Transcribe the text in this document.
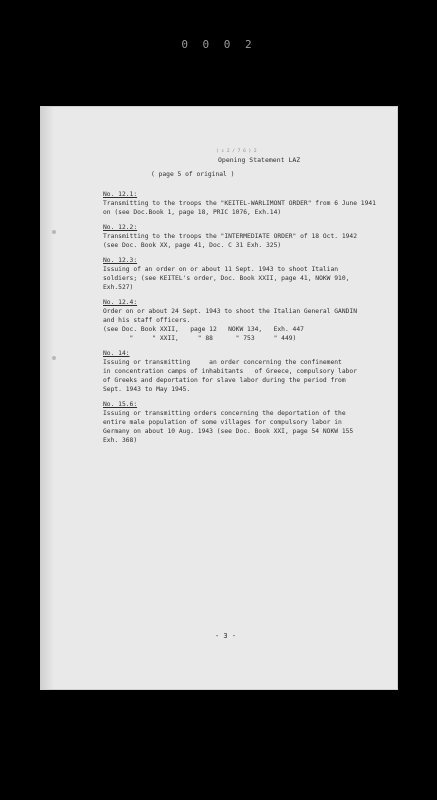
0 0 0 2
( c 2 / 7 6 ) 2
Opening Statement LAZ
( page 5 of original )
No. 12.1:
Transmitting to the troops the "KEITEL-WARLIMONT ORDER" from 6 June 1941
on (see Doc.Book 1, page 18, PRIC 1076, Exh.14)
No. 12.2:
Transmitting to the troops the "INTERMEDIATE ORDER" of 18 Oct. 1942
(see Doc. Book XX, page 41, Doc. C 31 Exh. 325)
No. 12.3:
Issuing of an order on or about 11 Sept. 1943 to shoot Italian
soldiers; (see KEITEL's order, Doc. Book XXII, page 41, NOKW 910,
Exh.527)
No. 12.4:
Order on or about 24 Sept. 1943 to shoot the Italian General GANDIN
and his staff officers.
(see Doc. Book XXII,   page 12   NOKW 134,   Exh. 447
"     " XXII,     " 88      " 753     " 449)
No. 14:
Issuing or transmitting     an order concerning the confinement
in concentration camps of inhabitants   of Greece, compulsory labor
of Greeks and deportation for slave labor during the period from
Sept. 1943 to May 1945.
No. 15.6:
Issuing or transmitting orders concerning the deportation of the
entire male population of some villages for compulsory labor in
Germany on about 10 Aug. 1943 (see Doc. Book XXI, page 54 NOKW 155
Exh. 368)
- 3 -
